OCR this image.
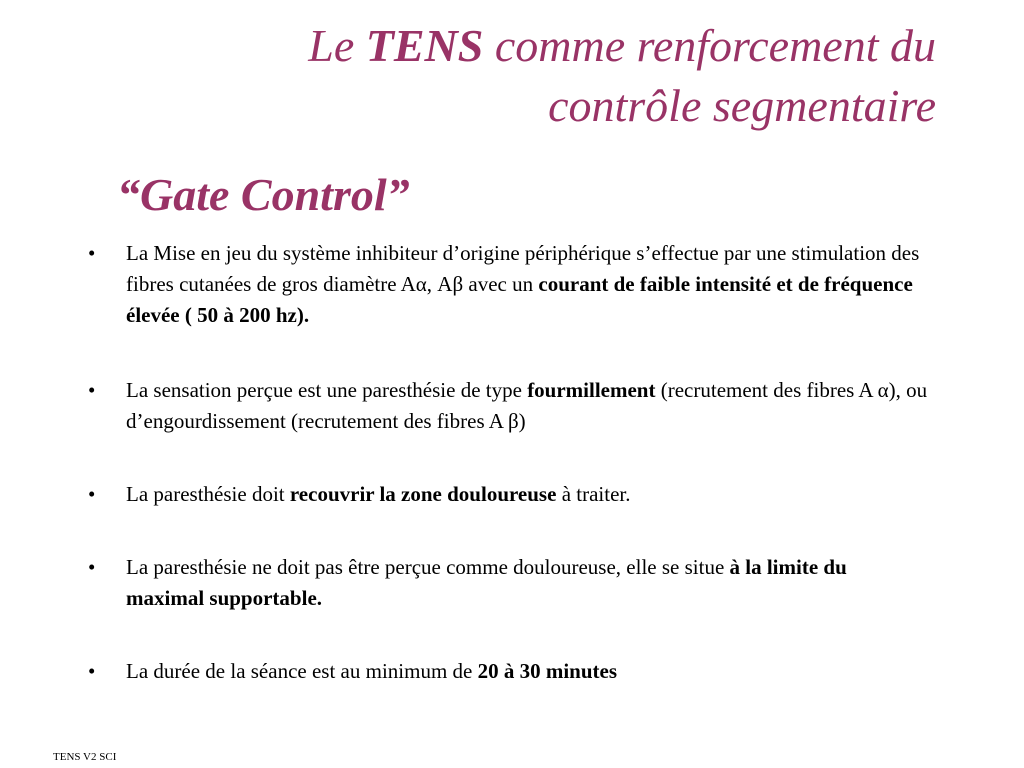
Le TENS comme renforcement du
contrôle segmentaire
“Gate Control”
•	La Mise en jeu du système inhibiteur d’origine périphérique s’effectue par une stimulation des fibres cutanées de gros diamètre Aα, Aβ avec un courant de faible intensité et de fréquence élevée ( 50 à 200 hz).
•	La sensation perçue est une paresthésie de type fourmillement (recrutement des fibres A α), ou d’engourdissement (recrutement des fibres A β)
•	La paresthésie doit recouvrir la zone douloureuse à traiter.
•	La paresthésie ne doit pas être perçue comme douloureuse, elle se situe à la limite du maximal supportable.
•	La durée de la séance est au minimum de 20 à 30 minutes
TENS V2 SCI
